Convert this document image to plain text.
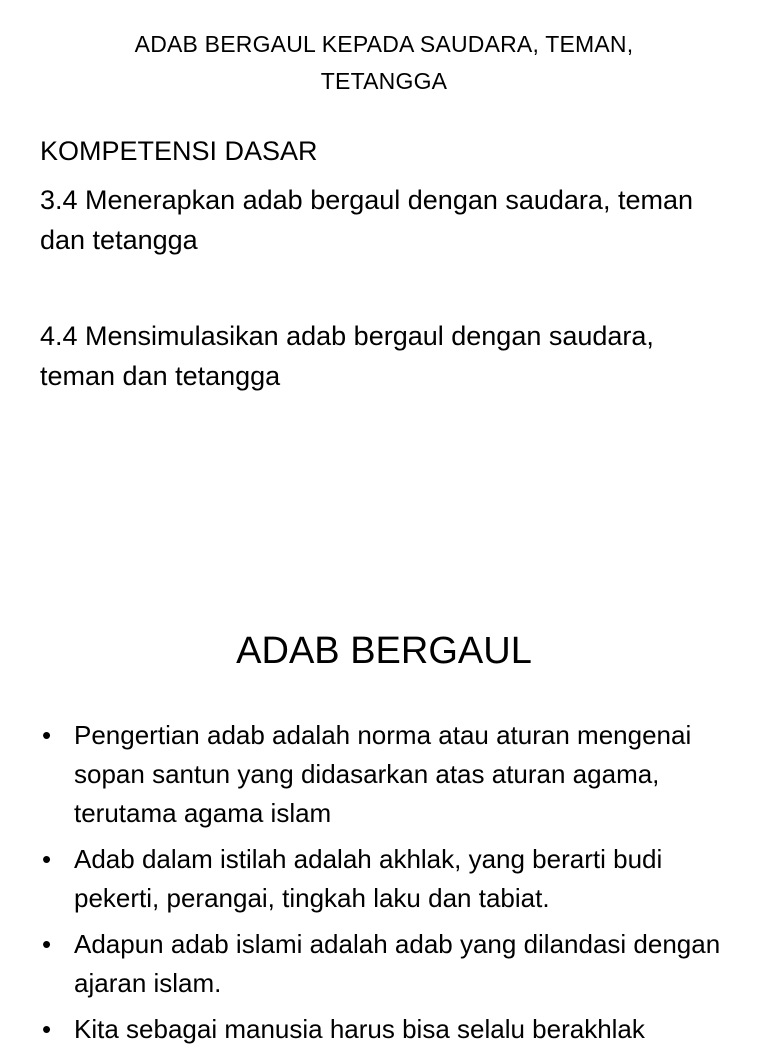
ADAB BERGAUL KEPADA SAUDARA, TEMAN, TETANGGA
KOMPETENSI DASAR
3.4 Menerapkan adab bergaul dengan saudara, teman dan tetangga
4.4 Mensimulasikan adab bergaul dengan saudara, teman dan tetangga
ADAB BERGAUL
• Pengertian adab adalah norma atau aturan mengenai sopan santun yang didasarkan atas aturan agama, terutama agama islam
• Adab dalam istilah adalah akhlak, yang berarti budi pekerti, perangai, tingkah laku dan tabiat.
• Adapun adab islami adalah adab yang dilandasi dengan ajaran islam.
• Kita sebagai manusia harus bisa selalu berakhlak
